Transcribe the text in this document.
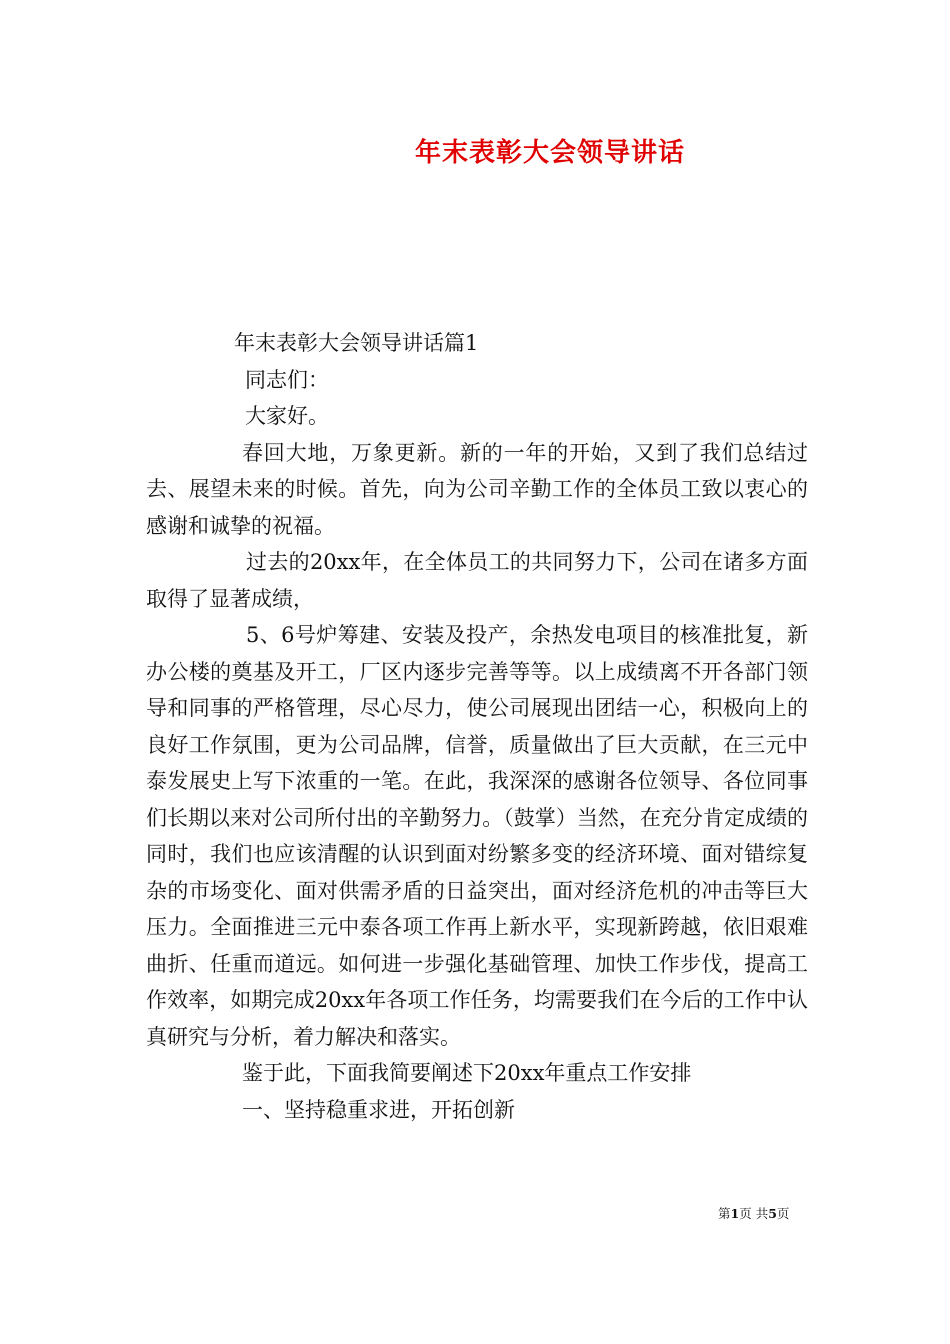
年末表彰大会领导讲话

年末表彰大会领导讲话篇1

同志们：

大家好。

春回大地，万象更新。新的一年的开始，又到了我们总结过去、展望未来的时候。首先，向为公司辛勤工作的全体员工致以衷心的感谢和诚挚的祝福。

过去的20xx年，在全体员工的共同努力下，公司在诸多方面取得了显著成绩，

5、6号炉筹建、安装及投产，余热发电项目的核准批复，新办公楼的奠基及开工，厂区内逐步完善等等。以上成绩离不开各部门领导和同事的严格管理，尽心尽力，使公司展现出团结一心，积极向上的良好工作氛围，更为公司品牌，信誉，质量做出了巨大贡献，在三元中泰发展史上写下浓重的一笔。在此，我深深的感谢各位领导、各位同事们长期以来对公司所付出的辛勤努力。（鼓掌）当然，在充分肯定成绩的同时，我们也应该清醒的认识到面对纷繁多变的经济环境、面对错综复杂的市场变化、面对供需矛盾的日益突出，面对经济危机的冲击等巨大压力。全面推进三元中泰各项工作再上新水平，实现新跨越，依旧艰难曲折、任重而道远。如何进一步强化基础管理、加快工作步伐，提高工作效率，如期完成20xx年各项工作任务，均需要我们在今后的工作中认真研究与分析，着力解决和落实。

鉴于此，下面我简要阐述下20xx年重点工作安排

一、坚持稳重求进，开拓创新

第1页 共5页
